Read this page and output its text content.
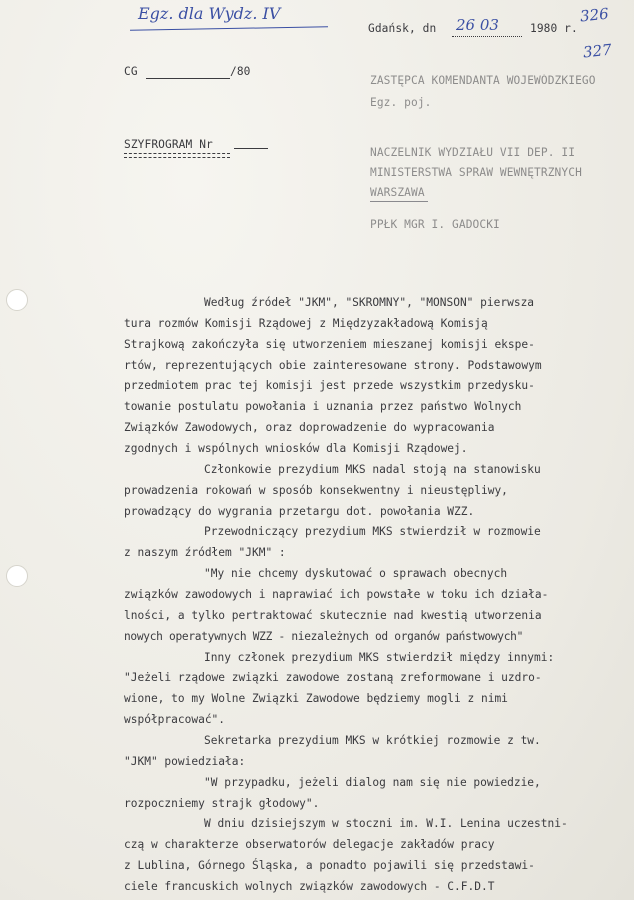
Egz. dla Wydz. IV	326
327
Gdańsk, dn 26 03	1980 r.
CG	/80
ZASTĘPCA KOMENDANTA WOJEWÓDZKIEGO
Egz. poj.
SZYFROGRAM Nr
NACZELNIK WYDZIAŁU VII DEP. II
MINISTERSTWA SPRAW WEWNĘTRZNYCH
WARSZAWA
PPŁK MGR I. GADOCKI
Według źródeł "JKM", "SKROMNY", "MONSON" pierwsza
tura rozmów Komisji Rządowej z Międzyzakładową Komisją
Strajkową zakończyła się utworzeniem mieszanej komisji ekspe-
rtów, reprezentujących obie zainteresowane strony. Podstawowym
przedmiotem prac tej komisji jest przede wszystkim przedysku-
towanie postulatu powołania i uznania przez państwo Wolnych
Związków Zawodowych, oraz doprowadzenie do wypracowania
zgodnych i wspólnych wniosków dla Komisji Rządowej.
Członkowie prezydium MKS nadal stoją na stanowisku
prowadzenia rokowań w sposób konsekwentny i nieustępliwy,
prowadzący do wygrania przetargu dot. powołania WZZ.
Przewodniczący prezydium MKS stwierdził w rozmowie
z naszym źródłem "JKM" :
"My nie chcemy dyskutować o sprawach obecnych
związków zawodowych i naprawiać ich powstałe w toku ich działa-
lności, a tylko pertraktować skutecznie nad kwestią utworzenia
nowych operatywnych WZZ - niezależnych od organów państwowych"
Inny członek prezydium MKS stwierdził między innymi:
"Jeżeli rządowe związki zawodowe zostaną zreformowane i uzdro-
wione, to my Wolne Związki Zawodowe będziemy mogli z nimi
współpracować".
Sekretarka prezydium MKS w krótkiej rozmowie z tw.
"JKM" powiedziała:
"W przypadku, jeżeli dialog nam się nie powiedzie,
rozpoczniemy strajk głodowy".
W dniu dzisiejszym w stoczni im. W.I. Lenina uczestni-
czą w charakterze obserwatorów delegacje zakładów pracy
z Lublina, Górnego Śląska, a ponadto pojawili się przedstawi-
ciele francuskich wolnych związków zawodowych - C.F.D.T
